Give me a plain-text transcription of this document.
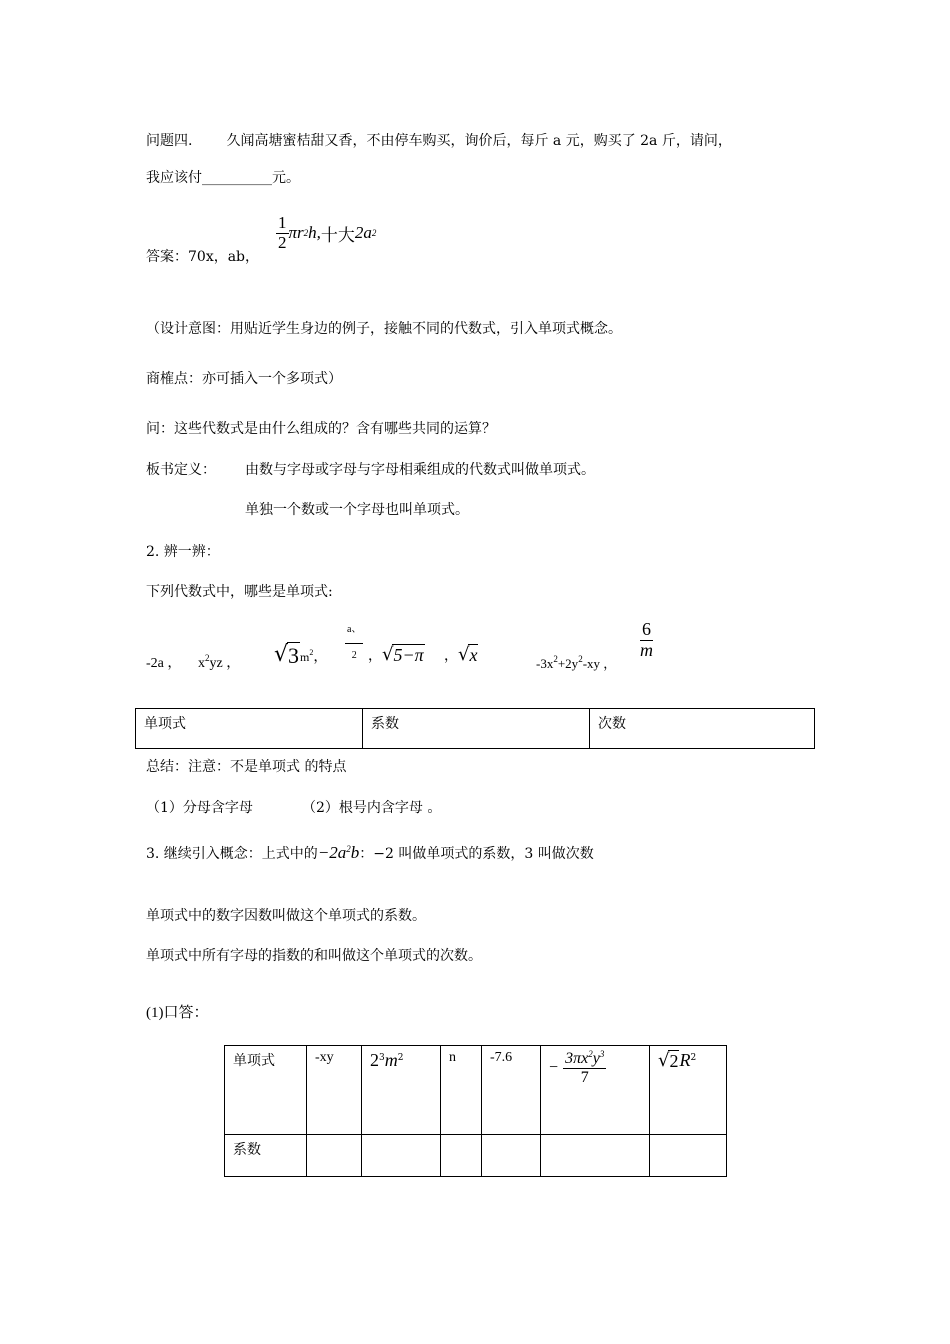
问题四. 久闻高塘蜜桔甜又香，不由停车购买，询价后，每斤 a 元，购买了 2a 斤，请问，
我应该付__________元。
答案：70x，ab，
$\frac{1}{2}$ πr 2 h, 十大 2a 2
（设计意图：用贴近学生身边的例子，接触不同的代数式，引入单项式概念。
商榷点：亦可插入一个多项式）
问：这些代数式是由什么组成的？含有哪些共同的运算？
板书定义： 由数与字母或字母与字母相乘组成的代数式叫做单项式。
单独一个数或一个字母也叫单项式。
2. 辨一辨：
下列代数式中，哪些是单项式:
-2a ， $x^2yz$ ， √ 3 $m^2$， $\frac{a、}{2}$ ， √ 5−π ， √ x	$-3x^2+2y^2-xy$ ，
$\frac{6}{m}$
单项式	系数	次数
总结：注意：不是单项式 的特点
（1）分母含字母	（2）根号内含字母 。
3. 继续引入概念：上式中的$-2a^2b$：−2 叫做单项式的系数，3 叫做次数
单项式中的数字因数叫做这个单项式的系数。
单项式中所有字母的指数的和叫做这个单项式的次数。
(1)口答：
单项式	-xy	$2^3m^2$	n	-7.6	− $\frac{3\pi x^2y^3}{7}$	√ 2 $R^2$
系数						
